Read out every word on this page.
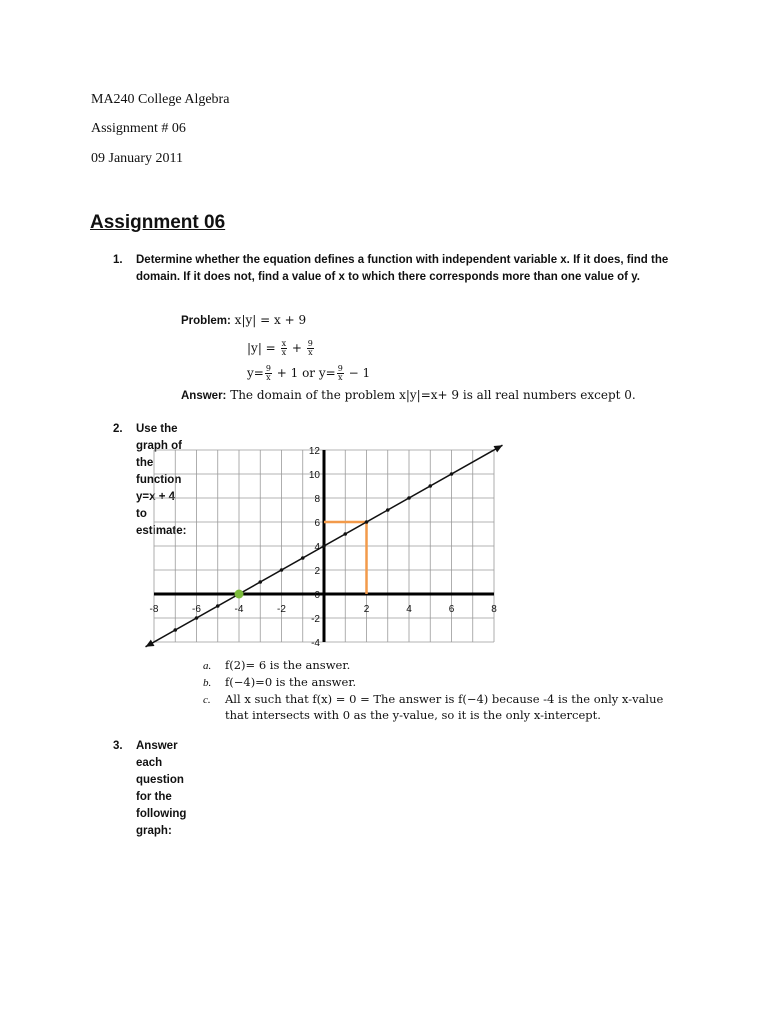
MA240 College Algebra
Assignment # 06
09 January 2011
Assignment 06
1. Determine whether the equation defines a function with independent variable x. If it does, find the domain. If it does not, find a value of x to which there corresponds more than one value of y.
Problem: x|y| = x + 9
$|y| = \frac{x}{x} + \frac{9}{x}$
$y= \frac{9}{x} + 1$ or $y= \frac{9}{x} - 1$
Answer: The domain of the problem x|y|=x+ 9 is all real numbers except 0.
2. Use the graph of the function y=x + 4 to estimate:
-8	-6	-4	-2	2	4	6	8
-4
-2
0
2
4
6
8
10
12
a. f(2)= 6 is the answer.
b. f(−4)=0 is the answer.
c. All x such that f(x) = 0 = The answer is f(−4) because -4 is the only x-value that intersects with 0 as the y-value, so it is the only x-intercept.
3. Answer each question for the following graph:
